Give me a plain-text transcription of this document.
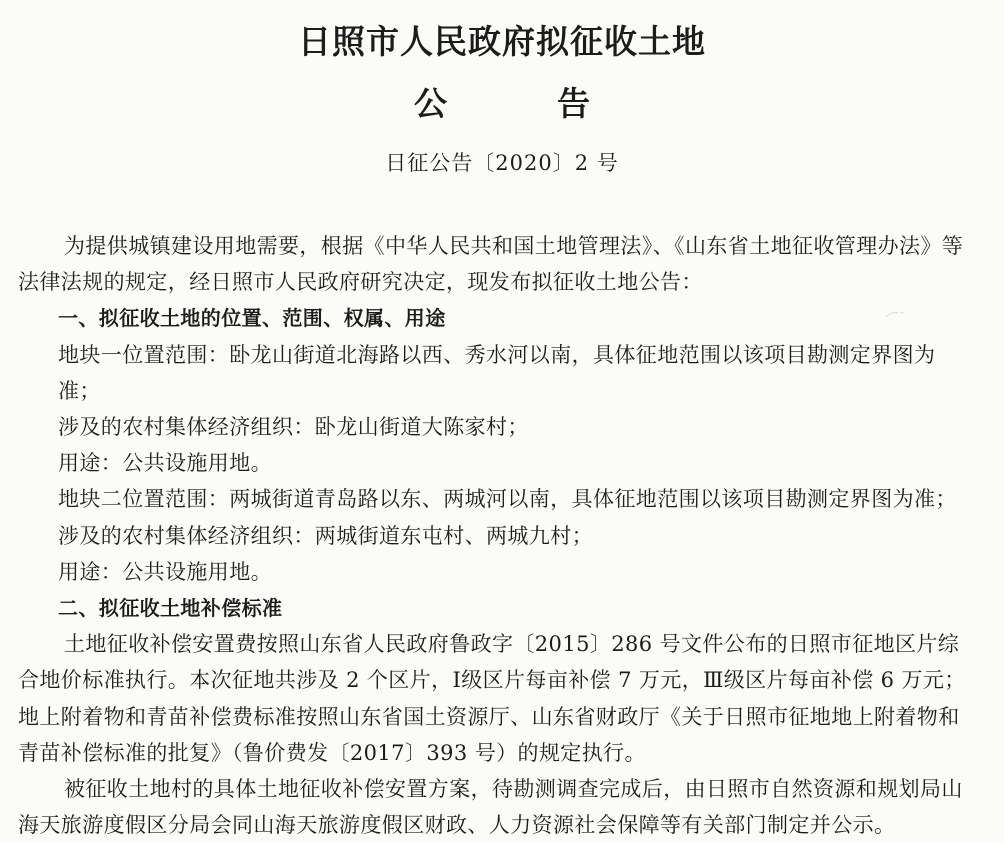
日照市人民政府拟征收土地
公告
日征公告〔2020〕2 号

为提供城镇建设用地需要，根据《中华人民共和国土地管理法》、《山东省土地征收管理办法》等法律法规的规定，经日照市人民政府研究决定，现发布拟征收土地公告：

一、拟征收土地的位置、范围、权属、用途

地块一位置范围：卧龙山街道北海路以西、秀水河以南，具体征地范围以该项目勘测定界图为准；

涉及的农村集体经济组织：卧龙山街道大陈家村；

用途：公共设施用地。

地块二位置范围：两城街道青岛路以东、两城河以南，具体征地范围以该项目勘测定界图为准；

涉及的农村集体经济组织：两城街道东屯村、两城九村；

用途：公共设施用地。

二、拟征收土地补偿标准

土地征收补偿安置费按照山东省人民政府鲁政字〔2015〕286 号文件公布的日照市征地区片综合地价标准执行。本次征地共涉及 2 个区片，Ⅰ级区片每亩补偿 7 万元，Ⅲ级区片每亩补偿 6 万元；地上附着物和青苗补偿费标准按照山东省国土资源厅、山东省财政厅《关于日照市征地地上附着物和青苗补偿标准的批复》（鲁价费发〔2017〕393 号）的规定执行。

被征收土地村的具体土地征收补偿安置方案，待勘测调查完成后，由日照市自然资源和规划局山海天旅游度假区分局会同山海天旅游度假区财政、人力资源社会保障等有关部门制定并公示。
